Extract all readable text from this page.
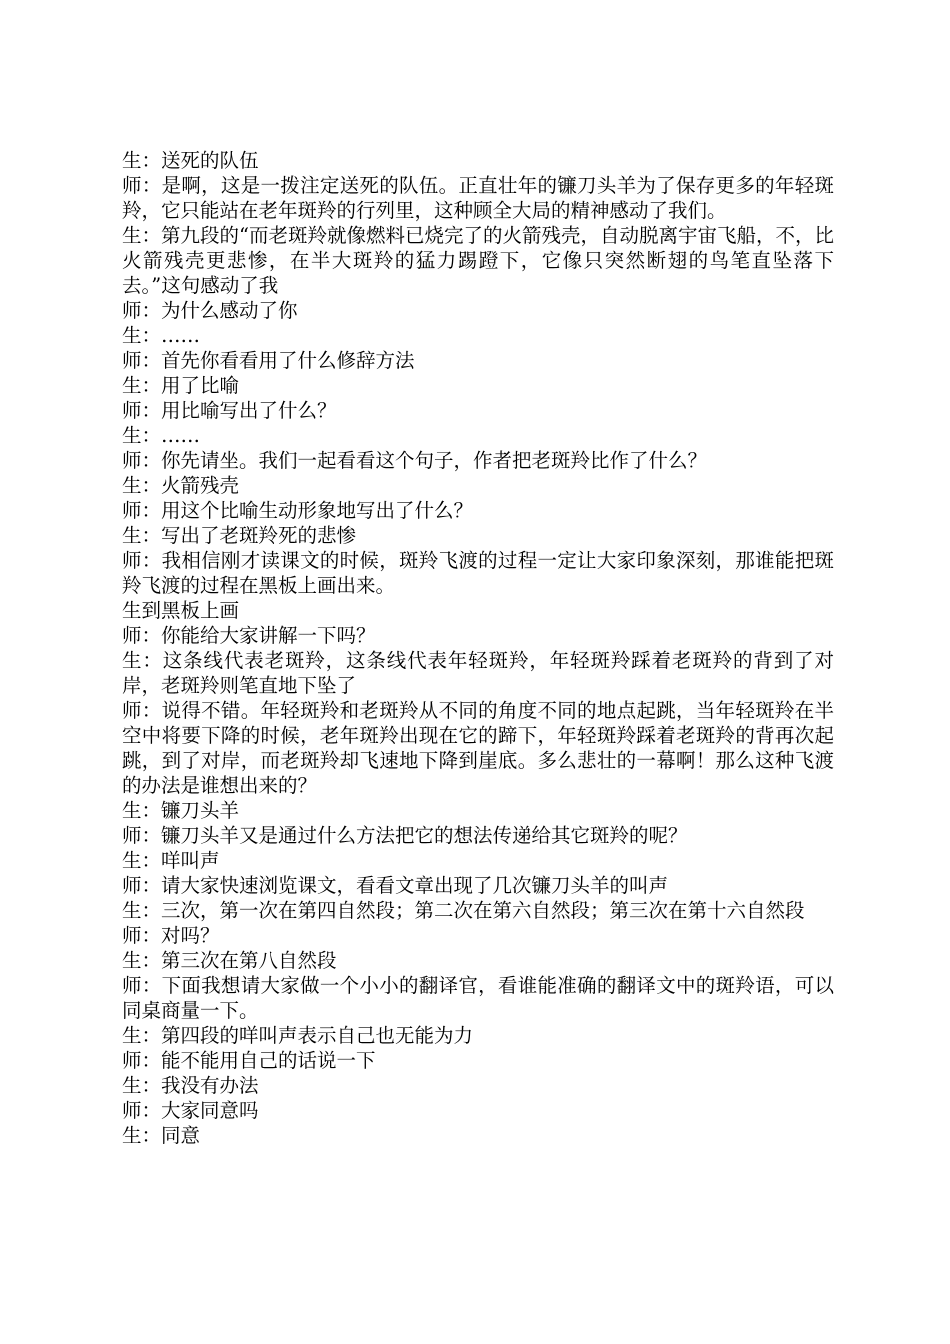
生：送死的队伍

师：是啊，这是一拨注定送死的队伍。正直壮年的镰刀头羊为了保存更多的年轻斑羚，它只能站在老年斑羚的行列里，这种顾全大局的精神感动了我们。

生：第九段的“而老斑羚就像燃料已烧完了的火箭残壳，自动脱离宇宙飞船，不，比火箭残壳更悲惨，在半大斑羚的猛力踢蹬下，它像只突然断翅的鸟笔直坠落下去。”这句感动了我

师：为什么感动了你

生：……

师：首先你看看用了什么修辞方法

生：用了比喻

师：用比喻写出了什么？

生：……

师：你先请坐。我们一起看看这个句子，作者把老斑羚比作了什么？

生：火箭残壳

师：用这个比喻生动形象地写出了什么？

生：写出了老斑羚死的悲惨

师：我相信刚才读课文的时候，斑羚飞渡的过程一定让大家印象深刻，那谁能把斑羚飞渡的过程在黑板上画出来。

生到黑板上画

师：你能给大家讲解一下吗？

生：这条线代表老斑羚，这条线代表年轻斑羚，年轻斑羚踩着老斑羚的背到了对岸，老斑羚则笔直地下坠了

师：说得不错。年轻斑羚和老斑羚从不同的角度不同的地点起跳，当年轻斑羚在半空中将要下降的时候，老年斑羚出现在它的蹄下，年轻斑羚踩着老斑羚的背再次起跳，到了对岸，而老斑羚却飞速地下降到崖底。多么悲壮的一幕啊！那么这种飞渡的办法是谁想出来的？

生：镰刀头羊

师：镰刀头羊又是通过什么方法把它的想法传递给其它斑羚的呢？

生：咩叫声

师：请大家快速浏览课文，看看文章出现了几次镰刀头羊的叫声

生：三次，第一次在第四自然段；第二次在第六自然段；第三次在第十六自然段

师：对吗？

生：第三次在第八自然段

师：下面我想请大家做一个小小的翻译官，看谁能准确的翻译文中的斑羚语，可以同桌商量一下。

生：第四段的咩叫声表示自己也无能为力

师：能不能用自己的话说一下

生：我没有办法

师：大家同意吗

生：同意
